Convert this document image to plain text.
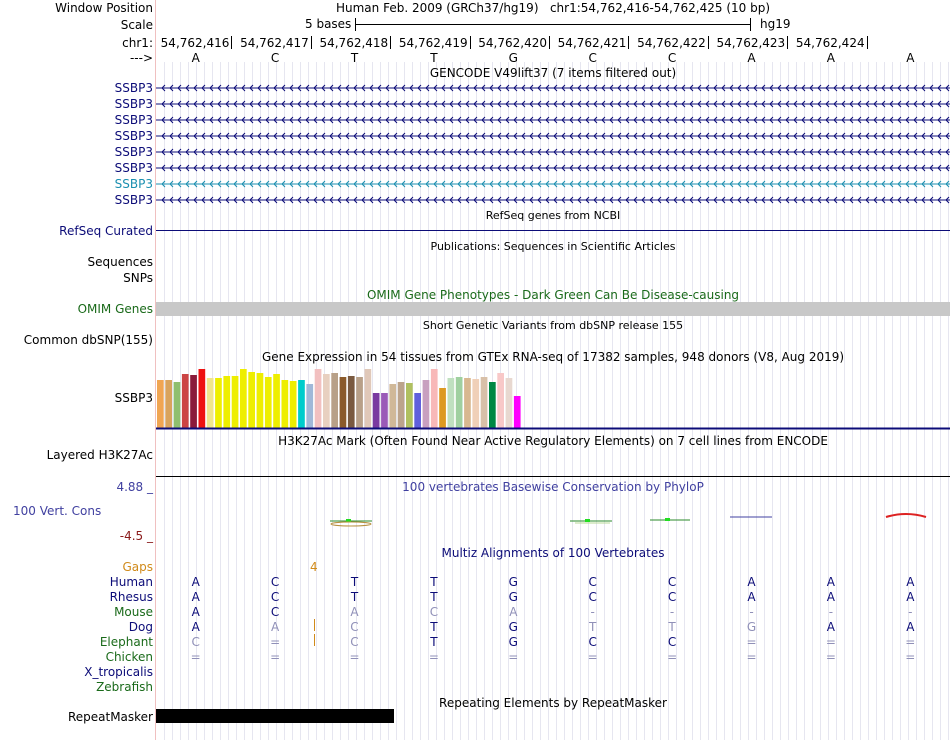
Window Position	Human Feb. 2009 (GRCh37/hg19)   chr1:54,762,416-54,762,425 (10 bp)
Scale	5 bases	hg19
chr1: 54,762,416 54,762,417 54,762,418 54,762,419 54,762,420 54,762,421 54,762,422 54,762,423 54,762,424
--->	A	C	T	T	G	C	C	A	A	A
GENCODE V49lift37 (7 items filtered out)
SSBP3
SSBP3
SSBP3
SSBP3
SSBP3
SSBP3
SSBP3
SSBP3
RefSeq genes from NCBI
RefSeq Curated
Publications: Sequences in Scientific Articles
Sequences
SNPs
OMIM Gene Phenotypes - Dark Green Can Be Disease-causing
OMIM Genes
Short Genetic Variants from dbSNP release 155
Common dbSNP(155)
Gene Expression in 54 tissues from GTEx RNA-seq of 17382 samples, 948 donors (V8, Aug 2019)
SSBP3
H3K27Ac Mark (Often Found Near Active Regulatory Elements) on 7 cell lines from ENCODE
Layered H3K27Ac
4.88 _	100 vertebrates Basewise Conservation by PhyloP
100 Vert. Cons
-4.5 _
Multiz Alignments of 100 Vertebrates
Gaps	4
Human	A	C	T	T	G	C	C	A	A	A
Rhesus	A	C	T	T	G	C	C	A	A	A
Mouse	A	C	A	C	A	-	-	-	-	-
Dog	A	A	C	T	G	T	T	G	A	A
Elephant	C	=	C	T	G	C	C	=	=	=
Chicken	=	=	=	=	=	=	=	=	=	=
X_tropicalis
Zebrafish
Repeating Elements by RepeatMasker
RepeatMasker
